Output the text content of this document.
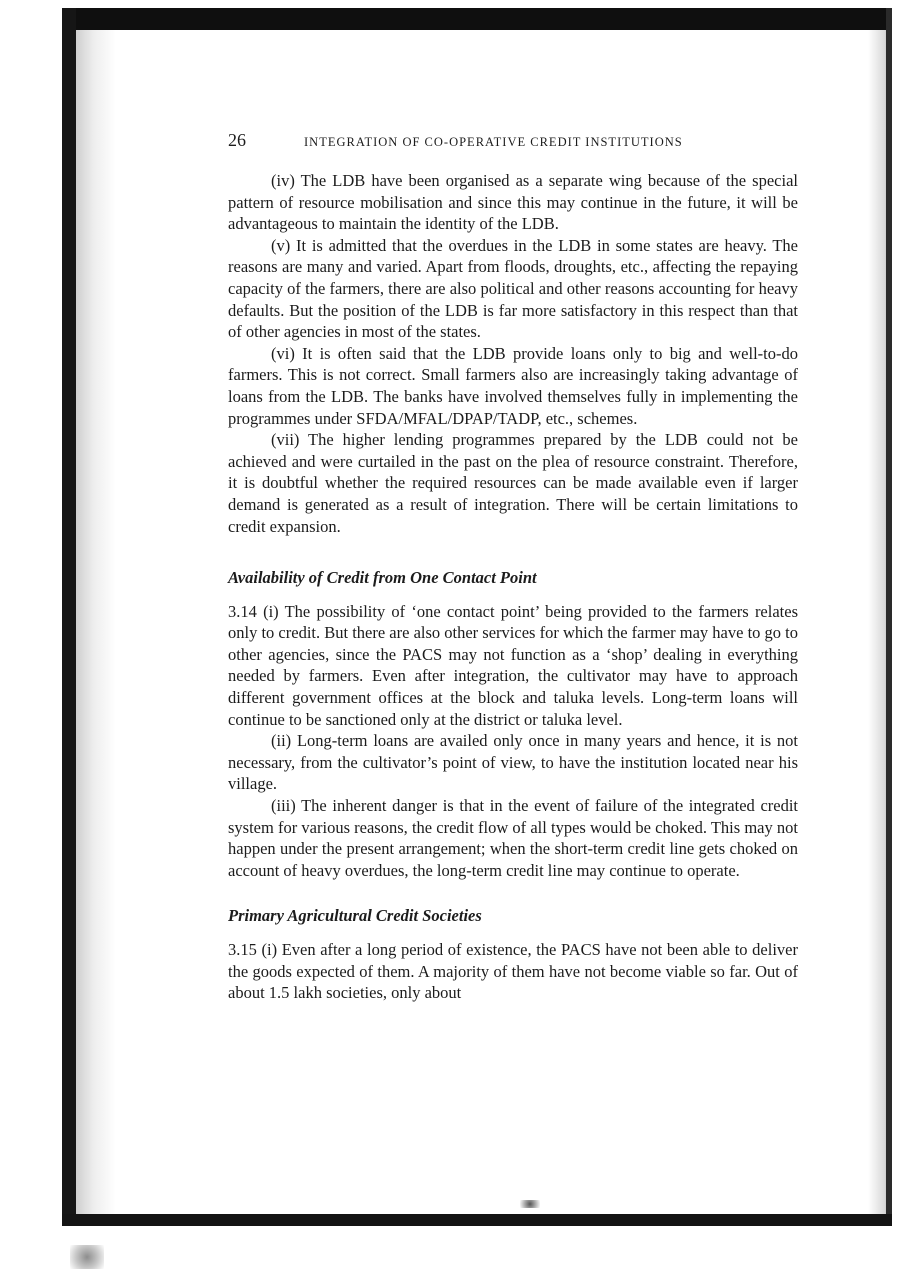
26	INTEGRATION OF CO-OPERATIVE CREDIT INSTITUTIONS

(iv) The LDB have been organised as a separate wing because of the special pattern of resource mobilisation and since this may continue in the future, it will be advantageous to maintain the identity of the LDB.

(v) It is admitted that the overdues in the LDB in some states are heavy. The reasons are many and varied. Apart from floods, droughts, etc., affecting the repaying capacity of the farmers, there are also political and other reasons accounting for heavy defaults. But the position of the LDB is far more satisfactory in this respect than that of other agencies in most of the states.

(vi) It is often said that the LDB provide loans only to big and well-to-do farmers. This is not correct. Small farmers also are increasingly taking advantage of loans from the LDB. The banks have involved themselves fully in implementing the programmes under SFDA/MFAL/DPAP/TADP, etc., schemes.

(vii) The higher lending programmes prepared by the LDB could not be achieved and were curtailed in the past on the plea of resource constraint. Therefore, it is doubtful whether the required resources can be made available even if larger demand is generated as a result of integration. There will be certain limitations to credit expansion.

Availability of Credit from One Contact Point

3.14 (i) The possibility of ‘one contact point’ being provided to the farmers relates only to credit. But there are also other services for which the farmer may have to go to other agencies, since the PACS may not function as a ‘shop’ dealing in everything needed by farmers. Even after integration, the cultivator may have to approach different government offices at the block and taluka levels. Long-term loans will continue to be sanctioned only at the district or taluka level.

(ii) Long-term loans are availed only once in many years and hence, it is not necessary, from the cultivator’s point of view, to have the institution located near his village.

(iii) The inherent danger is that in the event of failure of the integrated credit system for various reasons, the credit flow of all types would be choked. This may not happen under the present arrangement; when the short-term credit line gets choked on account of heavy overdues, the long-term credit line may continue to operate.

Primary Agricultural Credit Societies

3.15 (i) Even after a long period of existence, the PACS have not been able to deliver the goods expected of them. A majority of them have not become viable so far. Out of about 1.5 lakh societies, only about
